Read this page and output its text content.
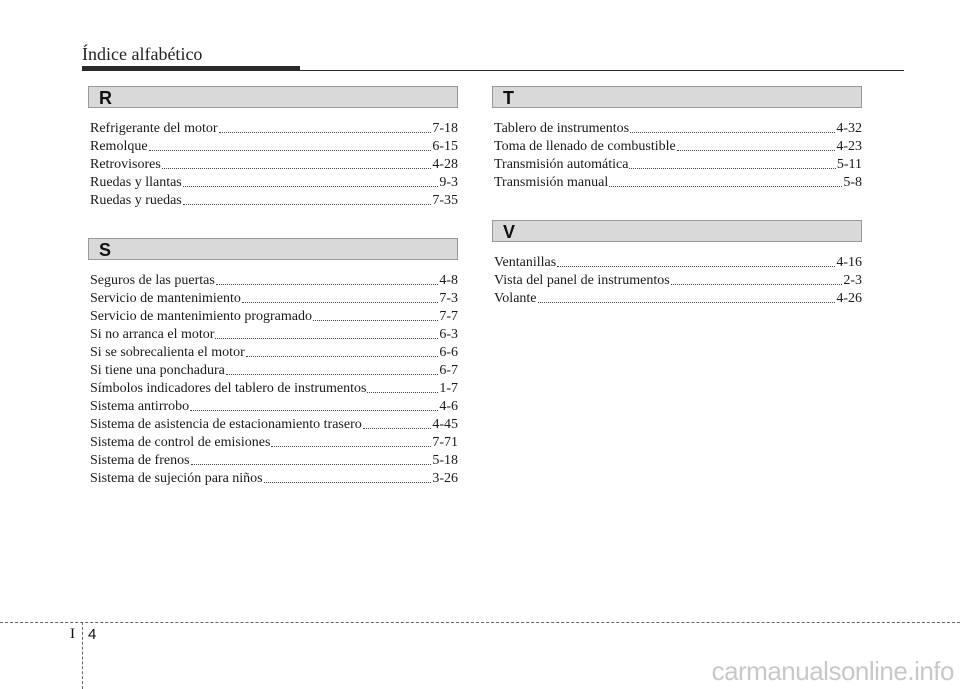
Índice alfabético
R
Refrigerante del motor	7-18
Remolque	6-15
Retrovisores	4-28
Ruedas y llantas	9-3
Ruedas y ruedas	7-35
S
Seguros de las puertas	4-8
Servicio de mantenimiento	7-3
Servicio de mantenimiento programado	7-7
Si no arranca el motor	6-3
Si se sobrecalienta el motor	6-6
Si tiene una ponchadura	6-7
Símbolos indicadores del tablero de instrumentos	1-7
Sistema antirrobo	4-6
Sistema de asistencia de estacionamiento trasero	4-45
Sistema de control de emisiones	7-71
Sistema de frenos	5-18
Sistema de sujeción para niños	3-26
T
Tablero de instrumentos	4-32
Toma de llenado de combustible	4-23
Transmisión automática	5-11
Transmisión manual	5-8
V
Ventanillas	4-16
Vista del panel de instrumentos	2-3
Volante	4-26
I 4
carmanualsonline.info
